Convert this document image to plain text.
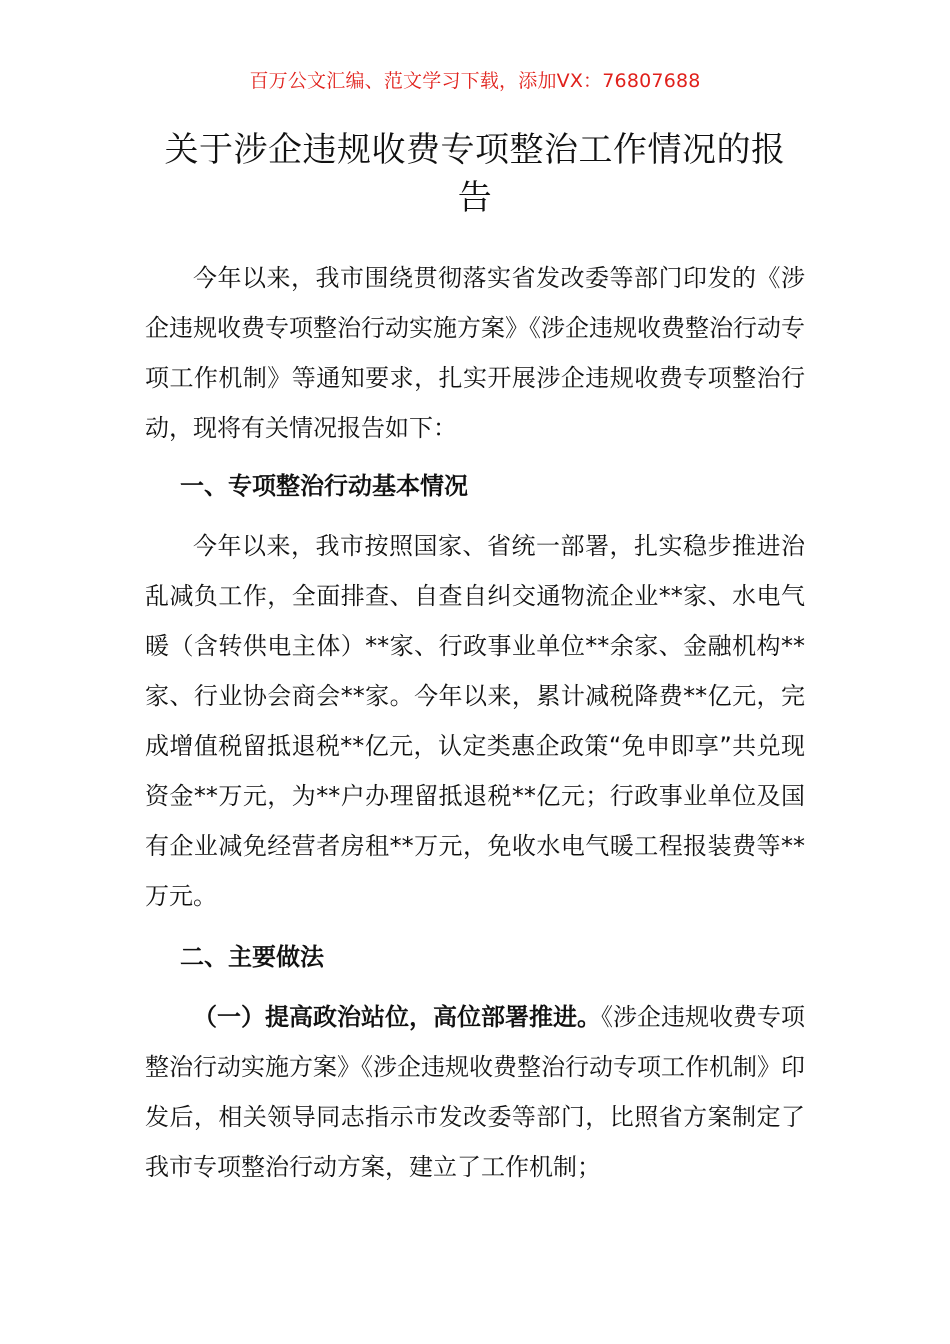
百万公文汇编、范文学习下载，添加VX：76807688
关于涉企违规收费专项整治工作情况的报告
今年以来，我市围绕贯彻落实省发改委等部门印发的《涉企违规收费专项整治行动实施方案》《涉企违规收费整治行动专项工作机制》等通知要求，扎实开展涉企违规收费专项整治行动，现将有关情况报告如下：
一、专项整治行动基本情况
今年以来，我市按照国家、省统一部署，扎实稳步推进治乱减负工作，全面排查、自查自纠交通物流企业**家、水电气暖（含转供电主体）**家、行政事业单位**余家、金融机构**家、行业协会商会**家。今年以来，累计减税降费**亿元，完成增值税留抵退税**亿元，认定类惠企政策“免申即享”共兑现资金**万元，为**户办理留抵退税**亿元；行政事业单位及国有企业减免经营者房租**万元，免收水电气暖工程报装费等**万元。
二、主要做法
（一）提高政治站位，高位部署推进。《涉企违规收费专项整治行动实施方案》《涉企违规收费整治行动专项工作机制》印发后，相关领导同志指示市发改委等部门，比照省方案制定了我市专项整治行动方案，建立了工作机制；
